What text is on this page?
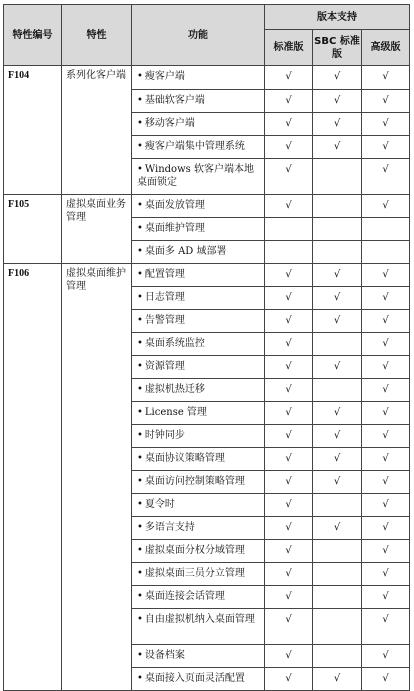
特性编号	特性	功能	版本支持		
			标准版	SBC 标准版	高级版
F104	系列化客户端	• 瘦客户端	√	√	√
		• 基础软客户端	√	√	√
		• 移动客户端	√	√	√
		• 瘦客户端集中管理系统	√	√	√
		• Windows 软客户端本地桌面锁定	√		√
F105	虚拟桌面业务管理	• 桌面发放管理	√		√
		• 桌面维护管理			
		• 桌面多 AD 域部署			
F106	虚拟桌面维护管理	• 配置管理	√	√	√
		• 日志管理	√	√	√
		• 告警管理	√	√	√
		• 桌面系统监控	√		√
		• 资源管理	√	√	√
		• 虚拟机热迁移	√		√
		• License 管理	√	√	√
		• 时钟同步	√	√	√
		• 桌面协议策略管理	√	√	√
		• 桌面访问控制策略管理	√	√	√
		• 夏令时	√		√
		• 多语言支持	√	√	√
		• 虚拟桌面分权分域管理	√		√
		• 虚拟桌面三员分立管理	√		√
		• 桌面连接会话管理	√		√
		• 自由虚拟机纳入桌面管理	√		√
		• 设备档案	√		√
		• 桌面接入页面灵活配置	√	√	√
